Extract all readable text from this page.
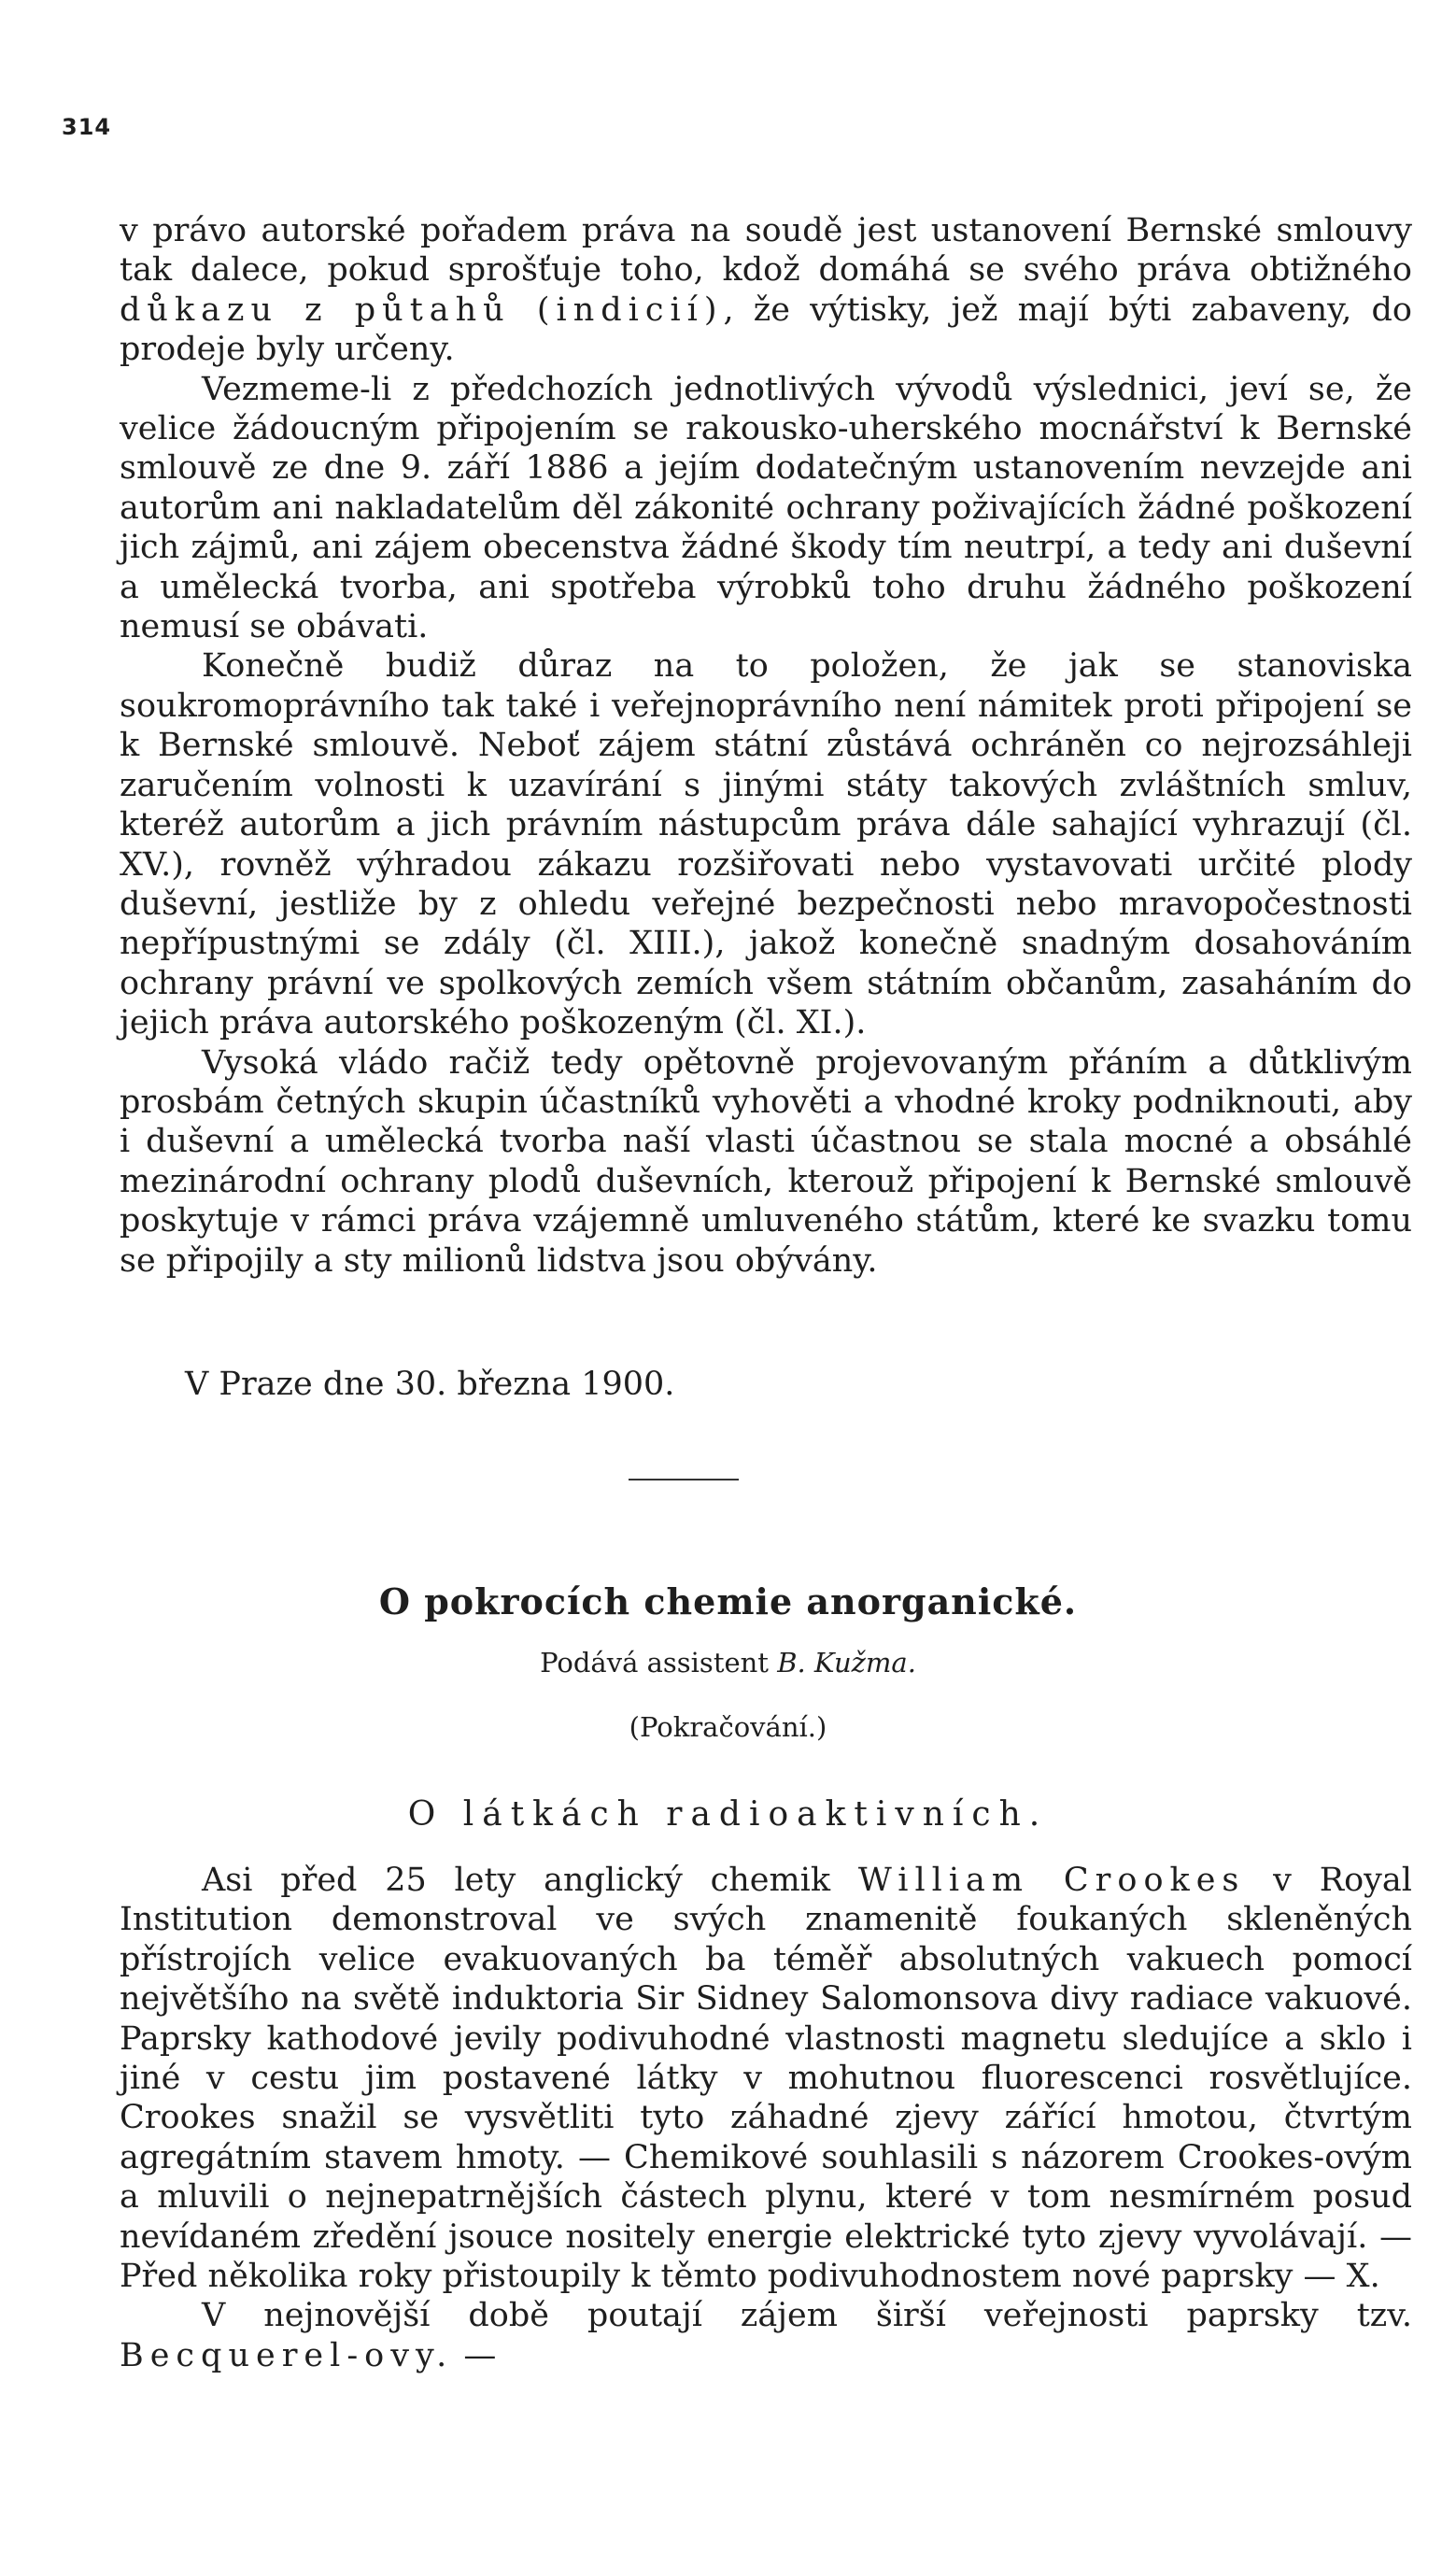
314

v právo autorské pořadem práva na soudě jest ustanovení Bernské smlouvy tak dalece, pokud sprošťuje toho, kdož domáhá se svého práva obtižného důkazu z půtahů (indicií), že výtisky, jež mají býti zabaveny, do prodeje byly určeny.

Vezmeme-li z předchozích jednotlivých vývodů výslednici, jeví se, že velice žádoucným připojením se rakousko-uherského mocnářství k Bernské smlouvě ze dne 9. září 1886 a jejím dodatečným ustanovením nevzejde ani autorům ani nakladatelům děl zákonité ochrany poživajících žádné poškození jich zájmů, ani zájem obecenstva žádné škody tím neutrpí, a tedy ani duševní a umělecká tvorba, ani spotřeba výrobků toho druhu žádného poškození nemusí se obávati.

Konečně budiž důraz na to položen, že jak se stanoviska soukromoprávního tak také i veřejnoprávního není námitek proti připojení se k Bernské smlouvě. Neboť zájem státní zůstává ochráněn co nejrozsáhleji zaručením volnosti k uzavírání s jinými státy takových zvláštních smluv, kteréž autorům a jich právním nástupcům práva dále sahající vyhrazují (čl. XV.), rovněž výhradou zákazu rozšiřovati nebo vystavovati určité plody duševní, jestliže by z ohledu veřejné bezpečnosti nebo mravopočestnosti nepřípustnými se zdály (čl. XIII.), jakož konečně snadným dosahováním ochrany právní ve spolkových zemích všem státním občanům, zasaháním do jejich práva autorského poškozeným (čl. XI.).

Vysoká vládo račiž tedy opětovně projevovaným přáním a důtklivým prosbám četných skupin účastníků vyhověti a vhodné kroky podniknouti, aby i duševní a umělecká tvorba naší vlasti účastnou se stala mocné a obsáhlé mezinárodní ochrany plodů duševních, kterouž připojení k Bernské smlouvě poskytuje v rámci práva vzájemně umluveného státům, které ke svazku tomu se připojily a sty milionů lidstva jsou obývány.

V Praze dne 30. března 1900.
O pokrocích chemie anorganické.
Podává assistent B. Kužma.
(Pokračování.)
O látkách radioaktivních.

Asi před 25 lety anglický chemik William Crookes v Royal Institution demonstroval ve svých znamenitě foukaných skleněných přístrojích velice evakuovaných ba téměř absolutných vakuech pomocí největšího na světě induktoria Sir Sidney Salomonsova divy radiace vakuové. Paprsky kathodové jevily podivuhodné vlastnosti magnetu sledujíce a sklo i jiné v cestu jim postavené látky v mohutnou fluorescenci rosvětlujíce. Crookes snažil se vysvětliti tyto záhadné zjevy zářící hmotou, čtvrtým agregátním stavem hmoty. — Chemikové souhlasili s názorem Crookes-ovým a mluvili o nejnepatrnějších částech plynu, které v tom nesmírném posud nevídaném zředění jsouce nositely energie elektrické tyto zjevy vyvolávají. — Před několika roky přistoupily k těmto podivuhodnostem nové paprsky — X.

V nejnovější době poutají zájem širší veřejnosti paprsky tzv. Becquerel-ovy. —
